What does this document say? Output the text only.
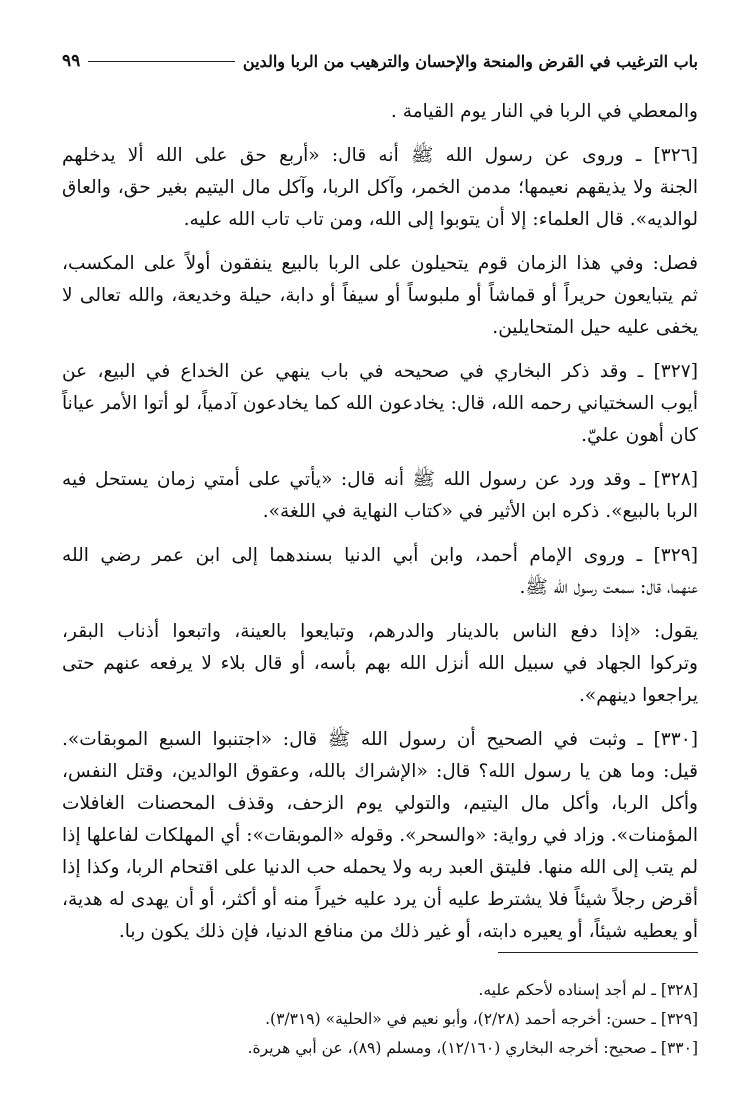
باب الترغيب في القرض والمنحة والإحسان والترهيب من الربا والدين
٩٩
والمعطي في الربا في النار يوم القيامة .
[٣٢٦] ـ وروى عن رسول الله ﷺ أنه قال: «أربع حق على الله ألا يدخلهم
الجنة ولا يذيقهم نعيمها؛ مدمن الخمر، وآكل الربا، وآكل مال اليتيم بغير حق، والعاق
لوالديه». قال العلماء: إلا أن يتوبوا إلى الله، ومن تاب تاب الله عليه.
فصل: وفي هذا الزمان قوم يتحيلون على الربا بالبيع ينفقون أولاً على المكسب،
ثم يتبايعون حريراً أو قماشاً أو ملبوساً أو سيفاً أو دابة، حيلة وخديعة، والله تعالى لا
يخفى عليه حيل المتحايلين.
[٣٢٧] ـ وقد ذكر البخاري في صحيحه في باب ينهي عن الخداع في البيع، عن
أيوب السختياني رحمه الله، قال: يخادعون الله كما يخادعون آدمياً، لو أتوا الأمر عياناً
كان أهون عليّ.
[٣٢٨] ـ وقد ورد عن رسول الله ﷺ أنه قال: «يأتي على أمتي زمان يستحل فيه
الربا بالبيع». ذكره ابن الأثير في «كتاب النهاية في اللغة».
[٣٢٩] ـ وروى الإمام أحمد، وابن أبي الدنيا بسندهما إلى ابن عمر رضي الله
عنهما، قال: سمعت رسول الله ﷺ.
يقول: «إذا دفع الناس بالدينار والدرهم، وتبايعوا بالعينة، واتبعوا أذناب البقر،
وتركوا الجهاد في سبيل الله أنزل الله بهم بأسه، أو قال بلاء لا يرفعه عنهم حتى
يراجعوا دينهم».
[٣٣٠] ـ وثبت في الصحيح أن رسول الله ﷺ قال: «اجتنبوا السبع الموبقات».
قيل: وما هن يا رسول الله؟ قال: «الإشراك بالله، وعقوق الوالدين، وقتل النفس،
وأكل الربا، وأكل مال اليتيم، والتولي يوم الزحف، وقذف المحصنات الغافلات
المؤمنات». وزاد في رواية: «والسحر». وقوله «الموبقات»: أي المهلكات لفاعلها إذا
لم يتب إلى الله منها. فليتق العبد ربه ولا يحمله حب الدنيا على اقتحام الربا، وكذا إذا
أقرض رجلاً شيئاً فلا يشترط عليه أن يرد عليه خيراً منه أو أكثر، أو أن يهدى له هدية،
أو يعطيه شيئاً، أو يعيره دابته، أو غير ذلك من منافع الدنيا، فإن ذلك يكون ربا.
[٣٢٨] ـ لم أجد إسناده لأحكم عليه.
[٣٢٩] ـ حسن: أخرجه أحمد (٢/٢٨)، وأبو نعيم في «الحلية» (٣/٣١٩).
[٣٣٠] ـ صحيح: أخرجه البخاري (١٢/١٦٠)، ومسلم (٨٩)، عن أبي هريرة.
